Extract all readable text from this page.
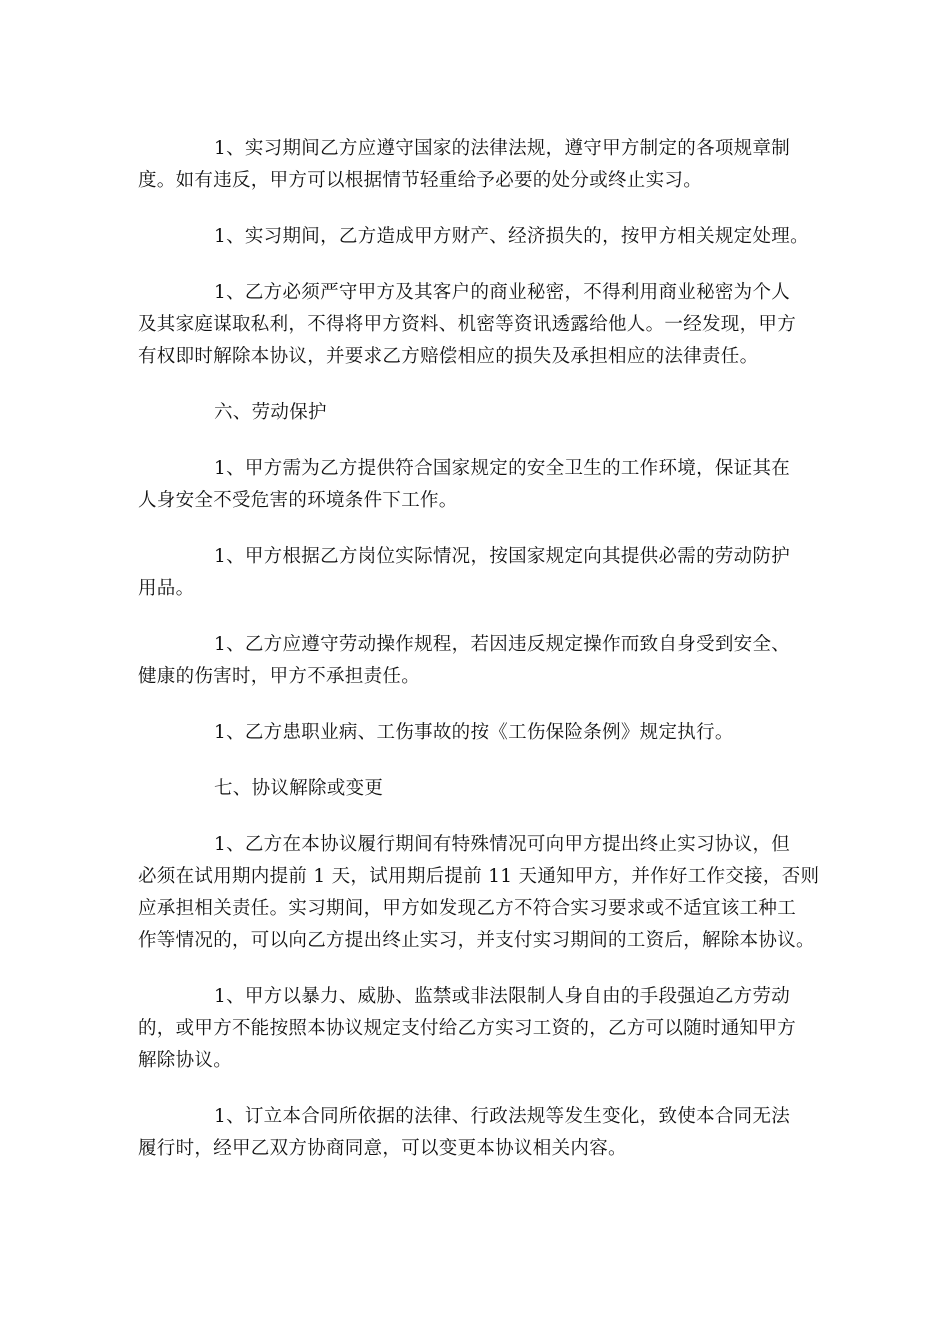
1、实习期间乙方应遵守国家的法律法规，遵守甲方制定的各项规章制
度。如有违反，甲方可以根据情节轻重给予必要的处分或终止实习。

1、实习期间，乙方造成甲方财产、经济损失的，按甲方相关规定处理。

1、乙方必须严守甲方及其客户的商业秘密，不得利用商业秘密为个人
及其家庭谋取私利，不得将甲方资料、机密等资讯透露给他人。一经发现，甲方
有权即时解除本协议，并要求乙方赔偿相应的损失及承担相应的法律责任。

六、劳动保护

1、甲方需为乙方提供符合国家规定的安全卫生的工作环境，保证其在
人身安全不受危害的环境条件下工作。

1、甲方根据乙方岗位实际情况，按国家规定向其提供必需的劳动防护
用品。

1、乙方应遵守劳动操作规程，若因违反规定操作而致自身受到安全、
健康的伤害时，甲方不承担责任。

1、乙方患职业病、工伤事故的按《工伤保险条例》规定执行。

七、协议解除或变更

1、乙方在本协议履行期间有特殊情况可向甲方提出终止实习协议，但
必须在试用期内提前 1 天，试用期后提前 11 天通知甲方，并作好工作交接，否则
应承担相关责任。实习期间，甲方如发现乙方不符合实习要求或不适宜该工种工
作等情况的，可以向乙方提出终止实习，并支付实习期间的工资后，解除本协议。

1、甲方以暴力、威胁、监禁或非法限制人身自由的手段强迫乙方劳动
的，或甲方不能按照本协议规定支付给乙方实习工资的，乙方可以随时通知甲方
解除协议。

1、订立本合同所依据的法律、行政法规等发生变化，致使本合同无法
履行时，经甲乙双方协商同意，可以变更本协议相关内容。
